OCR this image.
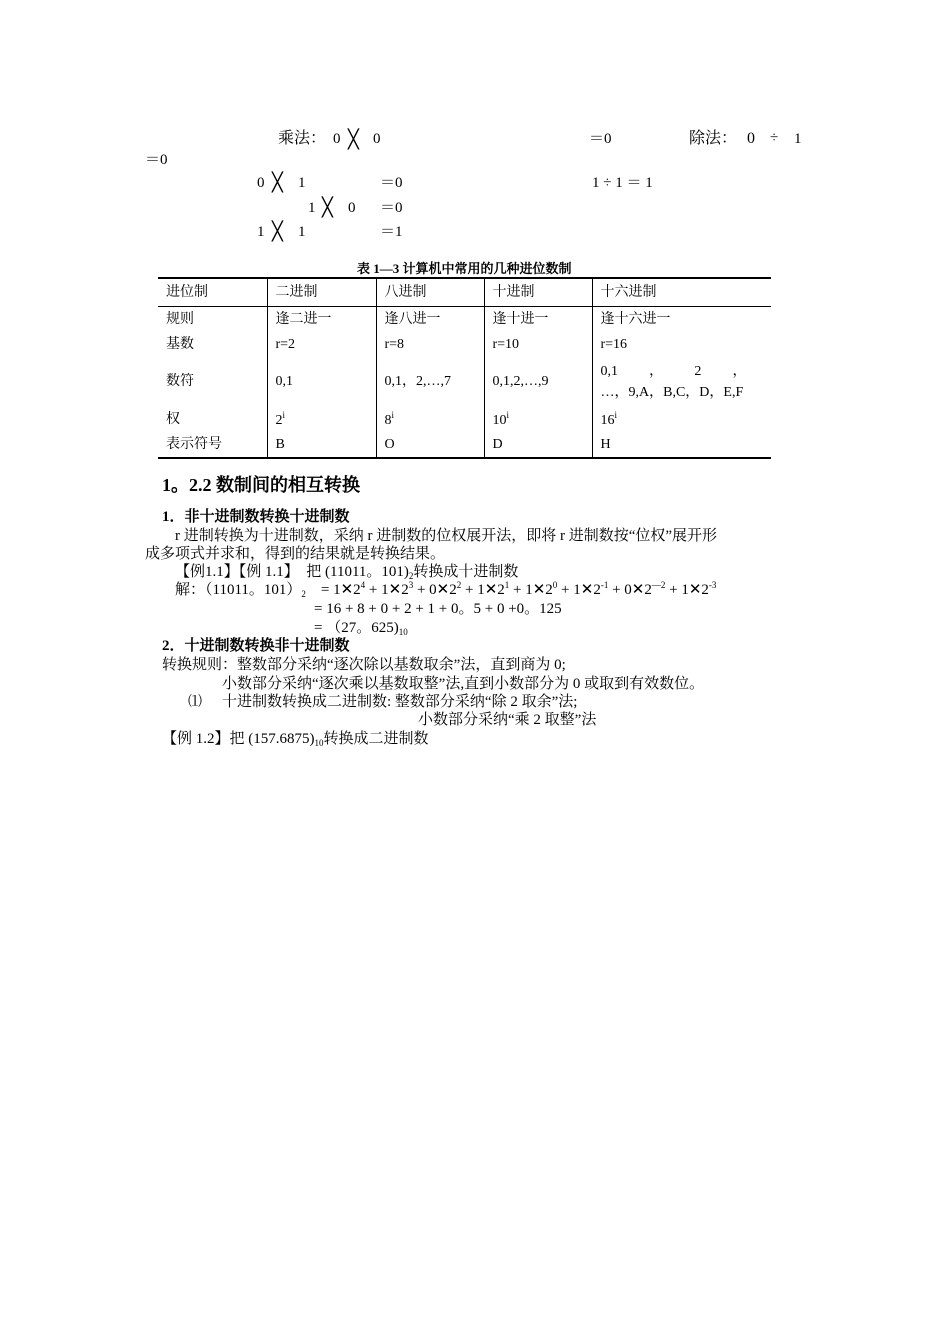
乘法： 0 ╳ 0	＝0	除法： 0 ÷ 1
＝0
0 ╳ 1	＝0	1 ÷ 1 ＝ 1
1 ╳ 0 ＝0
1 ╳ 1	＝1
表 1—3 计算机中常用的几种进位数制
进位制	二进制	八进制	十进制	十六进制
规则	逢二进一	逢八进一	逢十进一	逢十六进一
基数	r=2	r=8	r=10	r=16
数符	0,1	0,1，2,…,7	0,1,2,…,9	0,1 ， 2 ，
…，9,A，B,C，D，E,F

权	2$^i$	8$^i$	10$^i$	16$^i$
表示符号	B	O	D	H
1。2.2 数制间的相互转换
1．非十进制数转换十进制数
r 进制转换为十进制数，采纳 r 进制数的位权展开法，即将 r 进制数按“位权”展开形
成多项式并求和，得到的结果就是转换结果。
【例1.1】【例 1.1】 把 (11011。$101)_2$转换成十进制数
解：（11011。$101)_2$ = $1✕2^4$ + $1✕2^3$ + $0✕2^2$ + $1✕2^1$ + $1✕2^0$ + $1✕2^{-1}$ + $0✕2^{—2}$ + $1✕2^{-3}$
= 16 + 8 + 0 + 2 + 1 + 0。5 + 0 +0。125
= （27。$625)_{10}$
2．十进制数转换非十进制数
转换规则：整数部分采纳“逐次除以基数取余”法，直到商为 0;
小数部分采纳“逐次乘以基数取整”法,直到小数部分为 0 或取到有效数位。
⑴ 十进制数转换成二进制数: 整数部分采纳“除 2 取余”法;
小数部分采纳“乘 2 取整”法
【例 1.2】把 $(157.6875)_{10}$转换成二进制数
